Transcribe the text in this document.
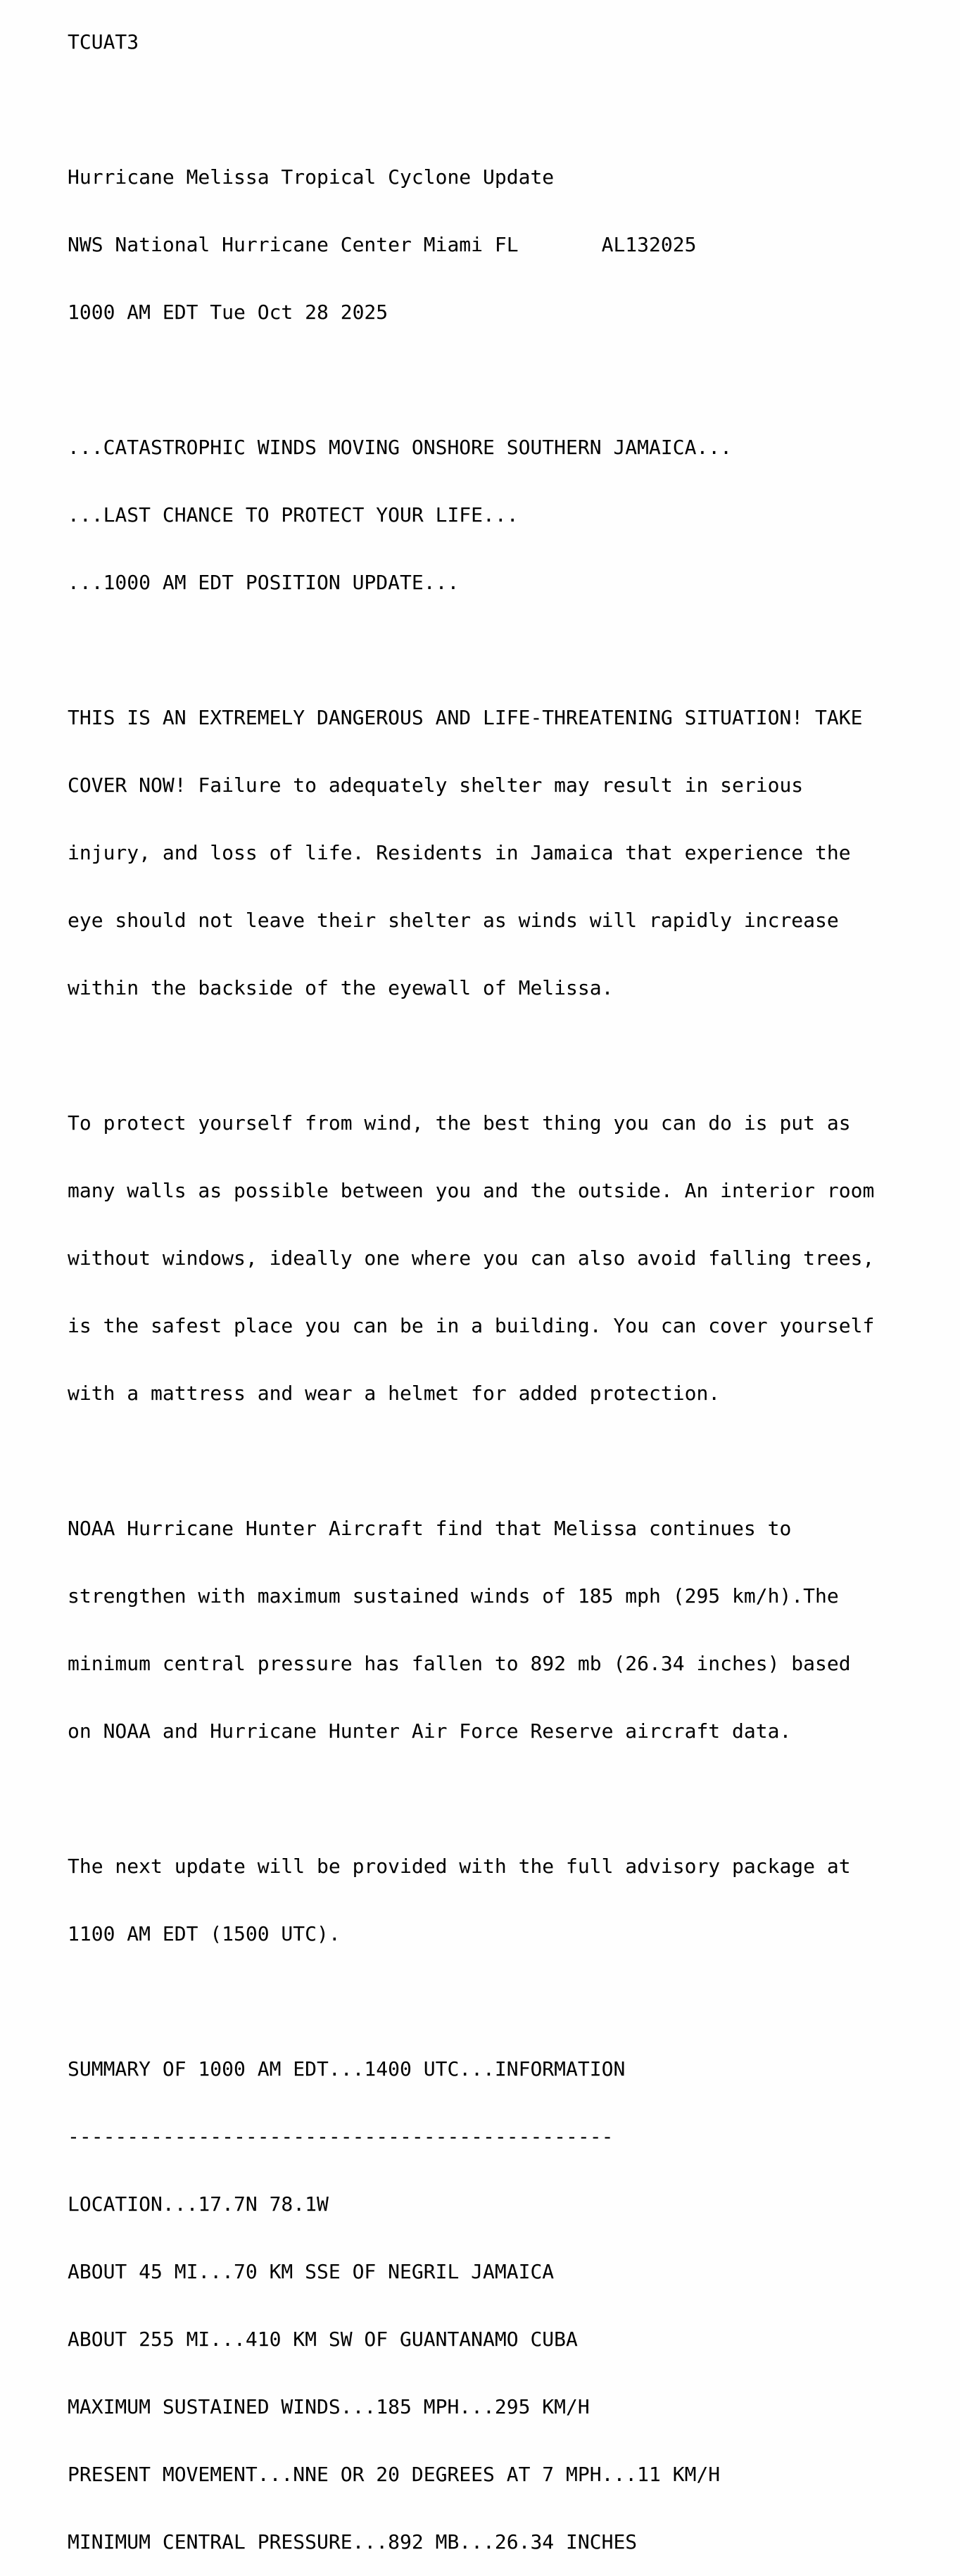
TCUAT3

Hurricane Melissa Tropical Cyclone Update

NWS National Hurricane Center Miami FL       AL132025

1000 AM EDT Tue Oct 28 2025

...CATASTROPHIC WINDS MOVING ONSHORE SOUTHERN JAMAICA...

...LAST CHANCE TO PROTECT YOUR LIFE...

...1000 AM EDT POSITION UPDATE...

THIS IS AN EXTREMELY DANGEROUS AND LIFE-THREATENING SITUATION! TAKE

COVER NOW! Failure to adequately shelter may result in serious

injury, and loss of life. Residents in Jamaica that experience the

eye should not leave their shelter as winds will rapidly increase

within the backside of the eyewall of Melissa.

To protect yourself from wind, the best thing you can do is put as

many walls as possible between you and the outside. An interior room

without windows, ideally one where you can also avoid falling trees,

is the safest place you can be in a building. You can cover yourself

with a mattress and wear a helmet for added protection.

NOAA Hurricane Hunter Aircraft find that Melissa continues to

strengthen with maximum sustained winds of 185 mph (295 km/h).The

minimum central pressure has fallen to 892 mb (26.34 inches) based

on NOAA and Hurricane Hunter Air Force Reserve aircraft data.

The next update will be provided with the full advisory package at

1100 AM EDT (1500 UTC).

SUMMARY OF 1000 AM EDT...1400 UTC...INFORMATION

----------------------------------------------

LOCATION...17.7N 78.1W

ABOUT 45 MI...70 KM SSE OF NEGRIL JAMAICA

ABOUT 255 MI...410 KM SW OF GUANTANAMO CUBA

MAXIMUM SUSTAINED WINDS...185 MPH...295 KM/H

PRESENT MOVEMENT...NNE OR 20 DEGREES AT 7 MPH...11 KM/H

MINIMUM CENTRAL PRESSURE...892 MB...26.34 INCHES
